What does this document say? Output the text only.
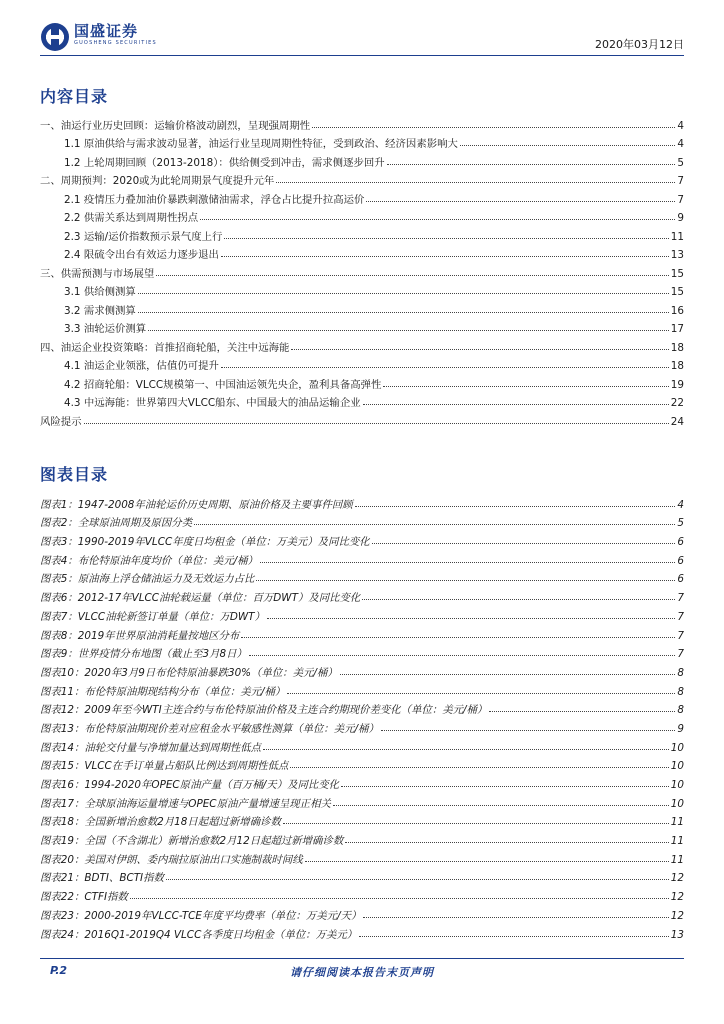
国盛证券
GUOSHENG SECURITIES	2020年03月12日
内容目录
一、油运行业历史回顾：运输价格波动剧烈，呈现强周期性	4
1.1 原油供给与需求波动显著，油运行业呈现周期性特征，受到政治、经济因素影响大	4
1.2 上轮周期回顾（2013-2018）：供给侧受到冲击，需求侧逐步回升	5
二、周期预判：2020或为此轮周期景气度提升元年	7
2.1 疫情压力叠加油价暴跌刺激储油需求，浮仓占比提升拉高运价	7
2.2 供需关系达到周期性拐点	9
2.3 运输/运价指数预示景气度上行	11
2.4 限硫令出台有效运力逐步退出	13
三、供需预测与市场展望	15
3.1 供给侧测算	15
3.2 需求侧测算	16
3.3 油轮运价测算	17
四、油运企业投资策略：首推招商轮船，关注中远海能	18
4.1 油运企业领涨，估值仍可提升	18
4.2 招商轮船：VLCC规模第一、中国油运领先央企，盈利具备高弹性	19
4.3 中远海能：世界第四大VLCC船东、中国最大的油品运输企业	22
风险提示	24
图表目录
图表1：1947-2008年油轮运价历史周期、原油价格及主要事件回顾	4
图表2：全球原油周期及原因分类	5
图表3：1990-2019年VLCC年度日均租金（单位：万美元）及同比变化	6
图表4：布伦特原油年度均价（单位：美元/桶）	6
图表5：原油海上浮仓储油运力及无效运力占比	6
图表6：2012-17年VLCC油轮载运量（单位：百万DWT）及同比变化	7
图表7：VLCC油轮新签订单量（单位：万DWT）	7
图表8：2019年世界原油消耗量按地区分布	7
图表9：世界疫情分布地图（截止至3月8日）	7
图表10：2020年3月9日布伦特原油暴跌30%（单位：美元/桶）	8
图表11：布伦特原油期现结构分布（单位：美元/桶）	8
图表12：2009年至今WTI主连合约与布伦特原油价格及主连合约期现价差变化（单位：美元/桶）	8
图表13：布伦特原油期现价差对应租金水平敏感性测算（单位：美元/桶）	9
图表14：油轮交付量与净增加量达到周期性低点	10
图表15：VLCC在手订单量占船队比例达到周期性低点	10
图表16：1994-2020年OPEC原油产量（百万桶/天）及同比变化	10
图表17：全球原油海运量增速与OPEC原油产量增速呈现正相关	10
图表18：全国新增治愈数2月18日起超过新增确诊数	11
图表19：全国（不含湖北）新增治愈数2月12日起超过新增确诊数	11
图表20：美国对伊朗、委内瑞拉原油出口实施制裁时间线	11
图表21：BDTI、BCTI指数	12
图表22：CTFI指数	12
图表23：2000-2019年VLCC-TCE年度平均费率（单位：万美元/天）	12
图表24：2016Q1-2019Q4 VLCC各季度日均租金（单位：万美元）	13
P.2	请仔细阅读本报告末页声明
